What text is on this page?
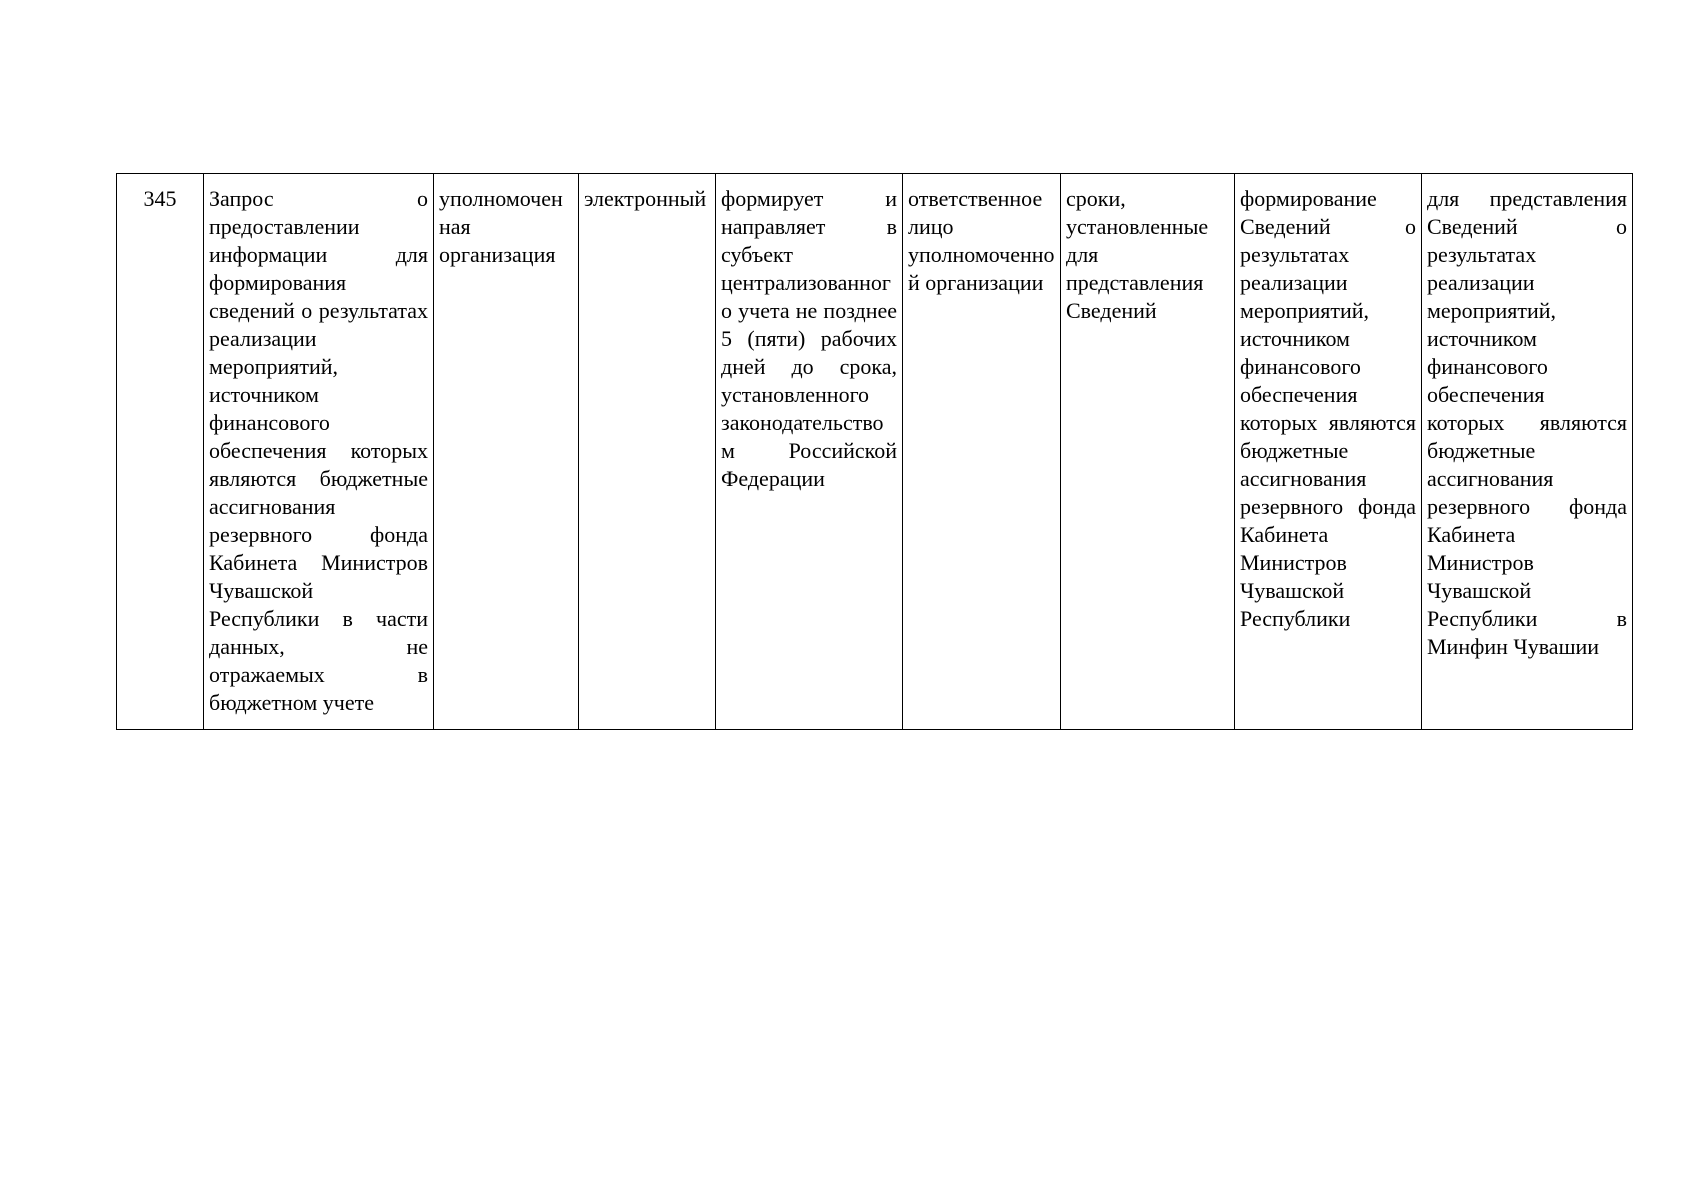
345	Запрос о предоставлении информации для формирования сведений о результатах реализации мероприятий, источником финансового обеспечения которых являются бюджетные ассигнования резервного фонда Кабинета Министров Чувашской Республики в части данных, не отражаемых в бюджетном учете	уполномоченная организация	электронный	формирует и направляет в субъект централизованного учета не позднее 5 (пяти) рабочих дней до срока, установленного законодательством Российской Федерации	ответственное лицо уполномоченной организации	сроки, установленные для представления Сведений	формирование Сведений о результатах реализации мероприятий, источником финансового обеспечения которых являются бюджетные ассигнования резервного фонда Кабинета Министров Чувашской Республики	для представления Сведений о результатах реализации мероприятий, источником финансового обеспечения которых являются бюджетные ассигнования резервного фонда Кабинета Министров Чувашской Республики в Минфин Чувашии
